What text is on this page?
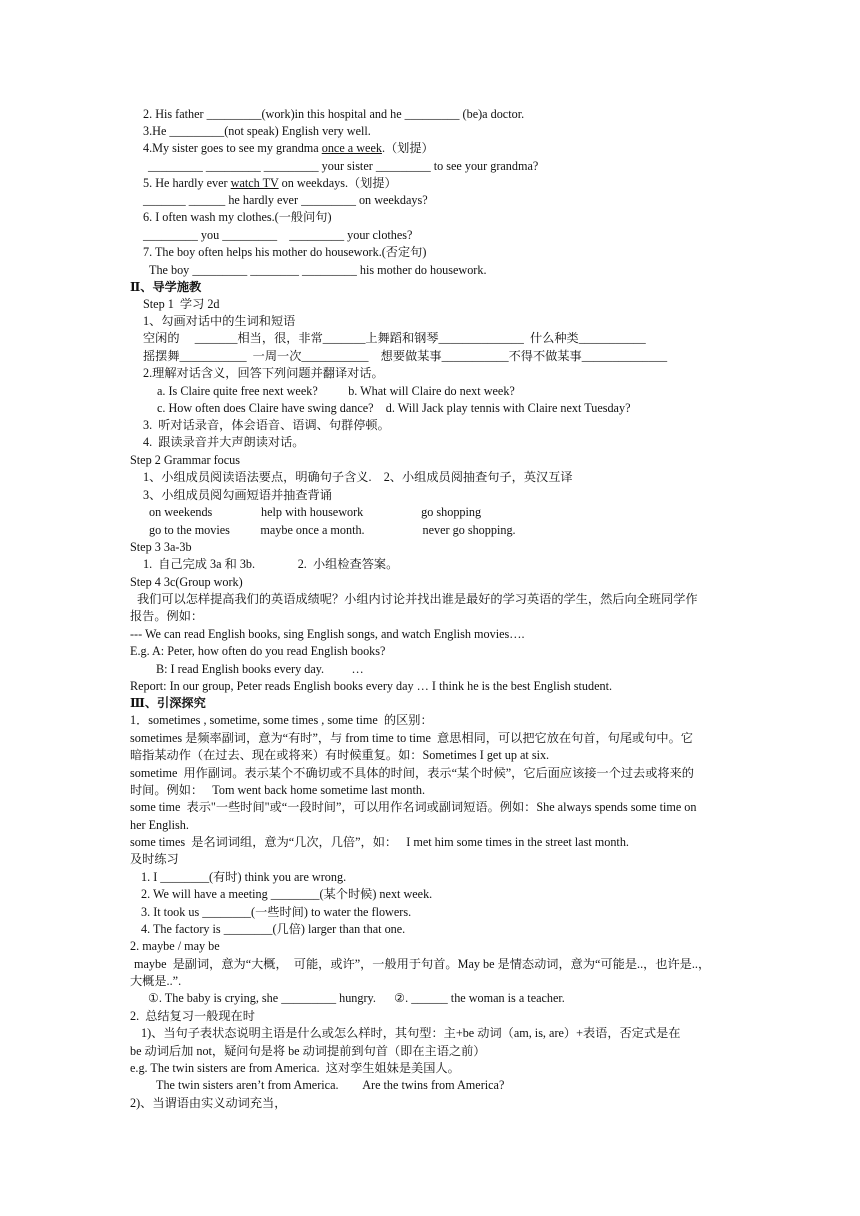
2. His father _________(work)in this hospital and he _________ (be)a doctor.
3.He _________(not speak) English very well.
4.My sister goes to see my grandma once a week.（划提）
_________ _________ _________ your sister _________ to see your grandma?
5. He hardly ever watch TV on weekdays.（划提）
_______ ______ he hardly ever _________ on weekdays?
6. I often wash my clothes.(一般问句)
_________ you _________    _________ your clothes?
7. The boy often helps his mother do housework.(否定句)
The boy _________ ________ _________ his mother do housework.
Ⅱ、导学施教
Step 1  学习 2d
1、勾画对话中的生词和短语
空闲的     _______相当，很，非常_______上舞蹈和钢琴______________  什么种类___________
摇摆舞___________  一周一次___________    想要做某事___________不得不做某事______________
2.理解对话含义，回答下列问题并翻译对话。
a. Is Claire quite free next week?          b. What will Claire do next week?
c. How often does Claire have swing dance?    d. Will Jack play tennis with Claire next Tuesday?
3.  听对话录音，体会语音、语调、句群停顿。
4.  跟读录音并大声朗读对话。
Step 2 Grammar focus
1、小组成员阅读语法要点，明确句子含义.    2、小组成员阅抽查句子，英汉互译
3、小组成员阅勾画短语并抽查背诵
on weekends                help with housework                   go shopping
go to the movies          maybe once a month.                   never go shopping.
Step 3 3a-3b
1.  自己完成 3a 和 3b.              2.  小组检查答案。
Step 4 3c(Group work)
我们可以怎样提高我们的英语成绩呢？小组内讨论并找出谁是最好的学习英语的学生，然后向全班同学作
报告。例如：
--- We can read English books, sing English songs, and watch English movies….
E.g. A: Peter, how often do you read English books?
B: I read English books every day.         …
Report: In our group, Peter reads English books every day … I think he is the best English student.
Ⅲ、引深探究
1．sometimes , sometime, some times , some time  的区别：
sometimes 是频率副词，意为“有时”，与 from time to time  意思相同，可以把它放在句首，句尾或句中。它
暗指某动作（在过去、现在或将来）有时候重复。如：Sometimes I get up at six.
sometime  用作副词。表示某个不确切或不具体的时间，表示“某个时候”，它后面应该接一个过去或将来的
时间。例如：   Tom went back home sometime last month.
some time  表示"一些时间"或“一段时间”，可以用作名词或副词短语。例如：She always spends some time on
her English.
some times  是名词词组，意为“几次，几倍”，如：   I met him some times in the street last month.
及时练习
1. I ________(有时) think you are wrong.
2. We will have a meeting ________(某个时候) next week.
3. It took us ________(一些时间) to water the flowers.
4. The factory is ________(几倍) larger than that one.
2. maybe / may be
maybe  是副词，意为“大概，  可能，或许”，一般用于句首。May be 是情态动词，意为“可能是..，也许是..，
大概是..”.
①. The baby is crying, she _________ hungry.      ②. ______ the woman is a teacher.
2.  总结复习一般现在时
1)、当句子表状态说明主语是什么或怎么样时，其句型：主+be 动词（am, is, are）+表语，否定式是在
be 动词后加 not，疑问句是将 be 动词提前到句首（即在主语之前）
e.g. The twin sisters are from America.  这对孪生姐妹是美国人。
The twin sisters aren’t from America.        Are the twins from America?
2)、当谓语由实义动词充当，
